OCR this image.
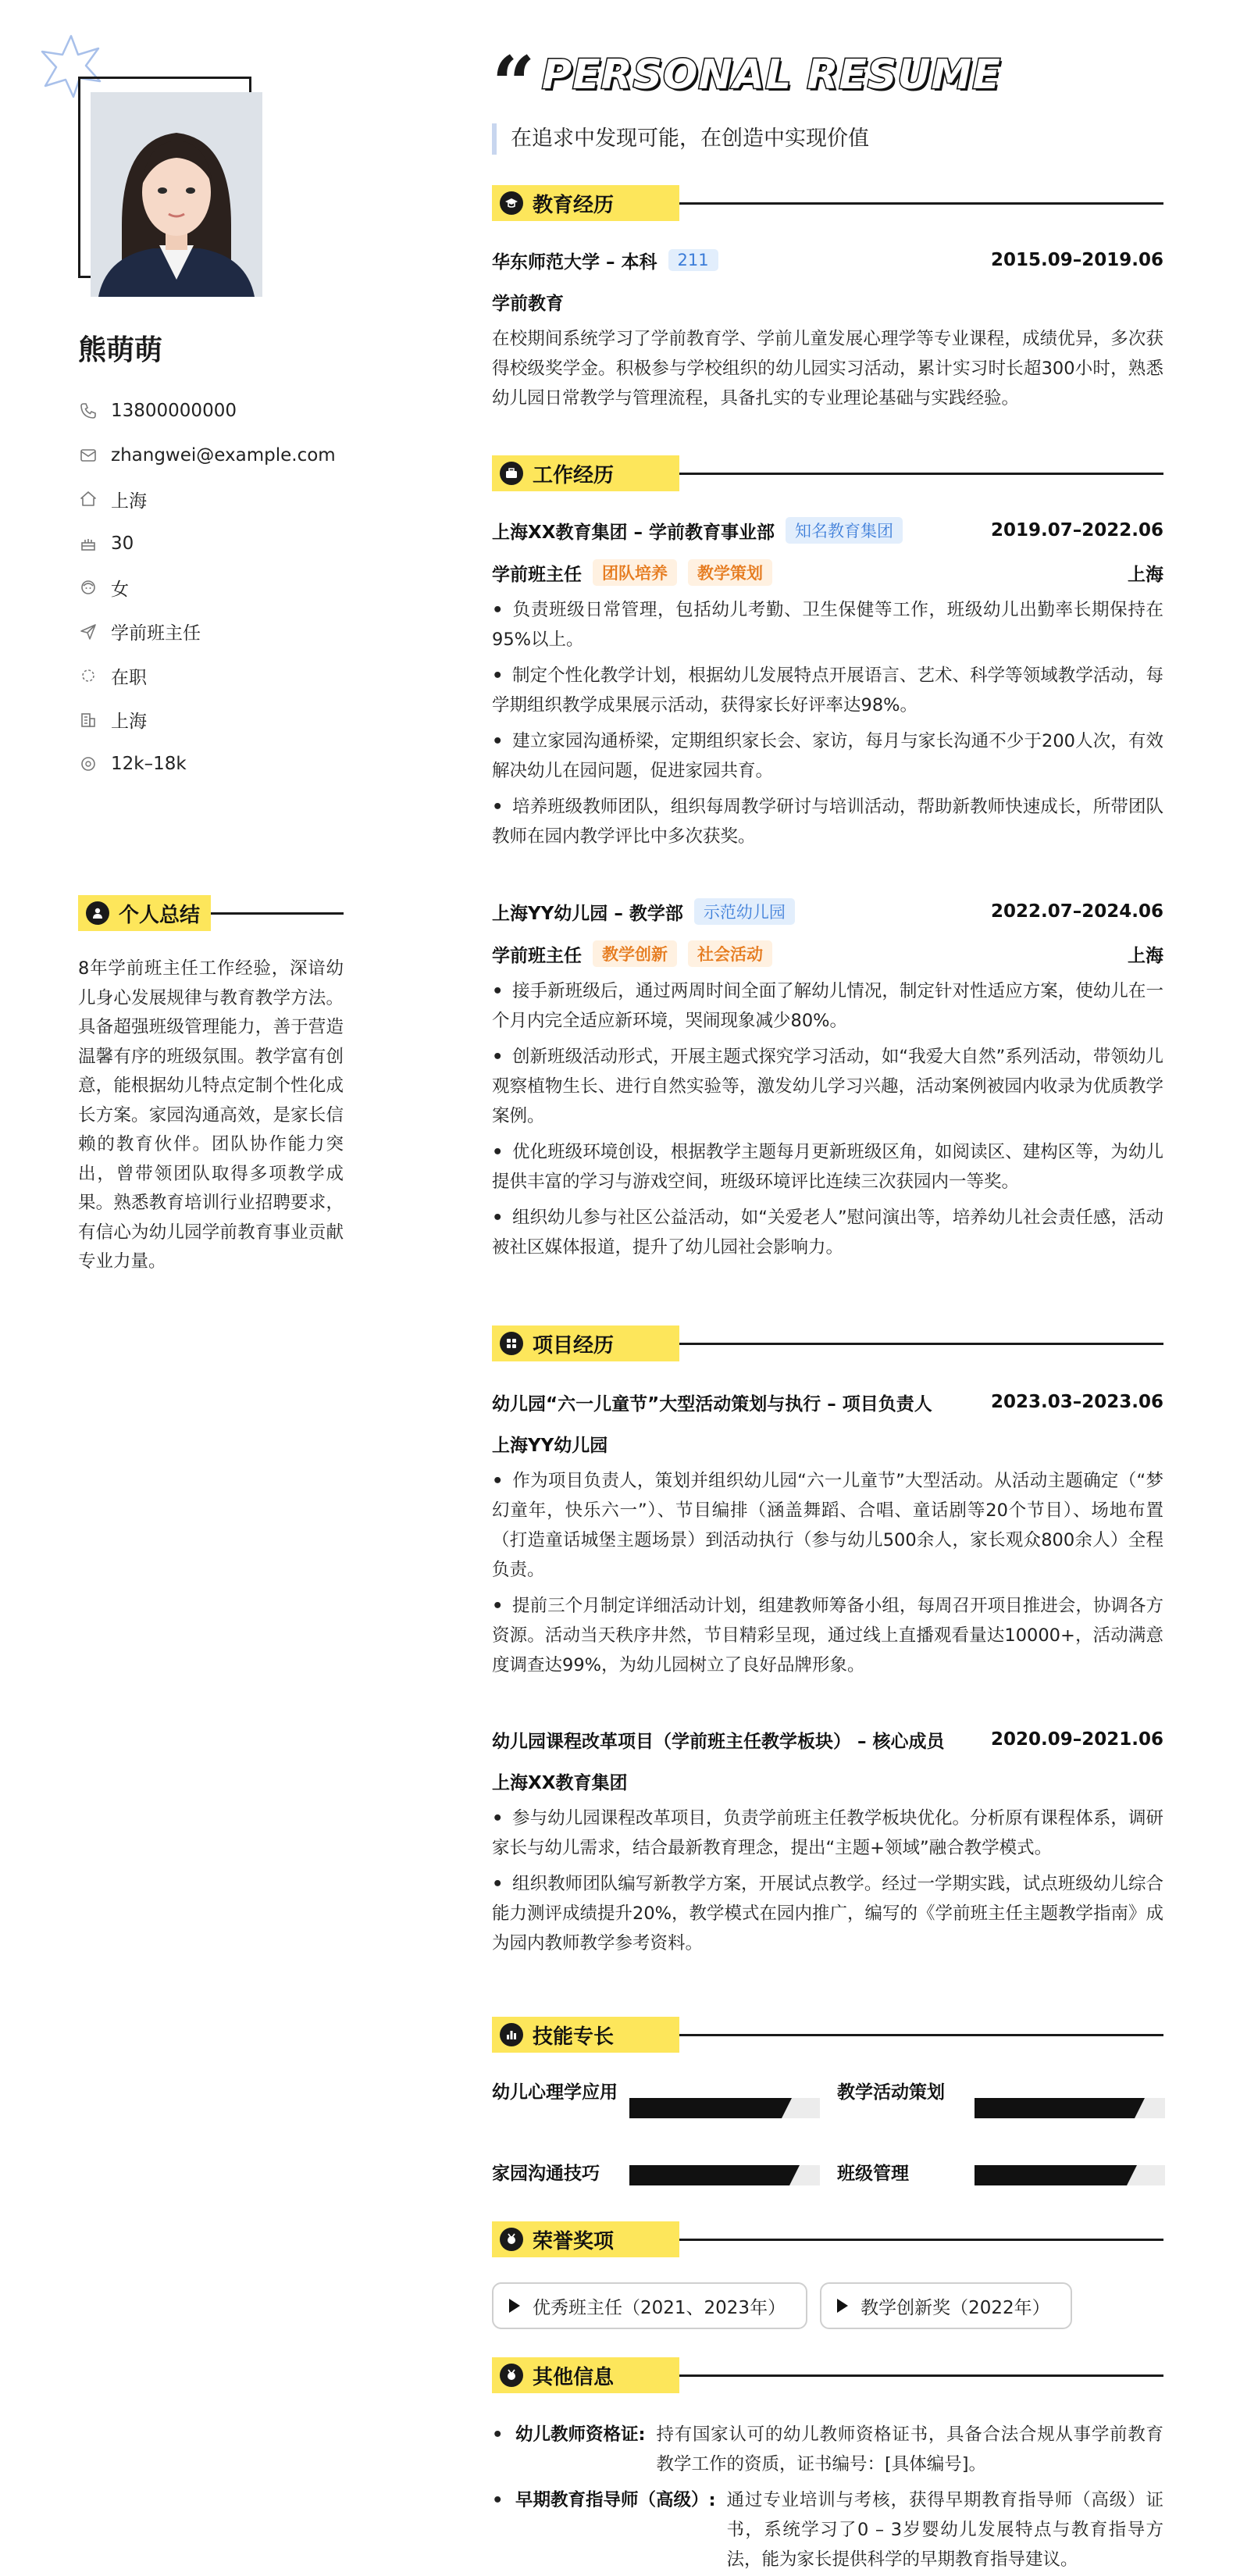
熊萌萌
13800000000
zhangwei@example.com
上海
30
女
学前班主任
在职
上海
12k–18k
个人总结
8年学前班主任工作经验，深谙幼儿身心发展规律与教育教学方法。具备超强班级管理能力，善于营造温馨有序的班级氛围。教学富有创意，能根据幼儿特点定制个性化成长方案。家园沟通高效，是家长信赖的教育伙伴。团队协作能力突出，曾带领团队取得多项教学成果。熟悉教育培训行业招聘要求，有信心为幼儿园学前教育事业贡献专业力量。
“ PERSONAL RESUME
在追求中发现可能，在创造中实现价值
教育经历
华东师范大学 – 本科	211	2015.09–2019.06
学前教育
在校期间系统学习了学前教育学、学前儿童发展心理学等专业课程，成绩优异，多次获得校级奖学金。积极参与学校组织的幼儿园实习活动，累计实习时长超300小时，熟悉幼儿园日常教学与管理流程，具备扎实的专业理论基础与实践经验。
工作经历
上海XX教育集团 – 学前教育事业部	知名教育集团	2019.07–2022.06
学前班主任	团队培养	教学策划	上海
• 负责班级日常管理，包括幼儿考勤、卫生保健等工作，班级幼儿出勤率长期保持在95%以上。
• 制定个性化教学计划，根据幼儿发展特点开展语言、艺术、科学等领域教学活动，每学期组织教学成果展示活动，获得家长好评率达98%。
• 建立家园沟通桥梁，定期组织家长会、家访，每月与家长沟通不少于200人次，有效解决幼儿在园问题，促进家园共育。
• 培养班级教师团队，组织每周教学研讨与培训活动，帮助新教师快速成长，所带团队教师在园内教学评比中多次获奖。
上海YY幼儿园 – 教学部	示范幼儿园	2022.07–2024.06
学前班主任	教学创新	社会活动	上海
• 接手新班级后，通过两周时间全面了解幼儿情况，制定针对性适应方案，使幼儿在一个月内完全适应新环境，哭闹现象减少80%。
• 创新班级活动形式，开展主题式探究学习活动，如“我爱大自然”系列活动，带领幼儿观察植物生长、进行自然实验等，激发幼儿学习兴趣，活动案例被园内收录为优质教学案例。
• 优化班级环境创设，根据教学主题每月更新班级区角，如阅读区、建构区等，为幼儿提供丰富的学习与游戏空间，班级环境评比连续三次获园内一等奖。
• 组织幼儿参与社区公益活动，如“关爱老人”慰问演出等，培养幼儿社会责任感，活动被社区媒体报道，提升了幼儿园社会影响力。
项目经历
幼儿园“六一儿童节”大型活动策划与执行 – 项目负责人	2023.03–2023.06
上海YY幼儿园
• 作为项目负责人，策划并组织幼儿园“六一儿童节”大型活动。从活动主题确定（“梦幻童年，快乐六一”）、节目编排（涵盖舞蹈、合唱、童话剧等20个节目）、场地布置（打造童话城堡主题场景）到活动执行（参与幼儿500余人，家长观众800余人）全程负责。
• 提前三个月制定详细活动计划，组建教师筹备小组，每周召开项目推进会，协调各方资源。活动当天秩序井然，节目精彩呈现，通过线上直播观看量达10000+，活动满意度调查达99%，为幼儿园树立了良好品牌形象。
幼儿园课程改革项目（学前班主任教学板块） – 核心成员	2020.09–2021.06
上海XX教育集团
• 参与幼儿园课程改革项目，负责学前班主任教学板块优化。分析原有课程体系，调研家长与幼儿需求，结合最新教育理念，提出“主题+领域”融合教学模式。
• 组织教师团队编写新教学方案，开展试点教学。经过一学期实践，试点班级幼儿综合能力测评成绩提升20%，教学模式在园内推广，编写的《学前班主任主题教学指南》成为园内教师教学参考资料。
技能专长
幼儿心理学应用	教学活动策划
家园沟通技巧	班级管理
荣誉奖项
优秀班主任（2021、2023年）	教学创新奖（2022年）
其他信息
• 幼儿教师资格证: 持有国家认可的幼儿教师资格证书，具备合法合规从事学前教育教学工作的资质，证书编号：[具体编号]。
• 早期教育指导师（高级）: 通过专业培训与考核，获得早期教育指导师（高级）证书，系统学习了0 – 3岁婴幼儿发展特点与教育指导方法，能为家长提供科学的早期教育指导建议。
